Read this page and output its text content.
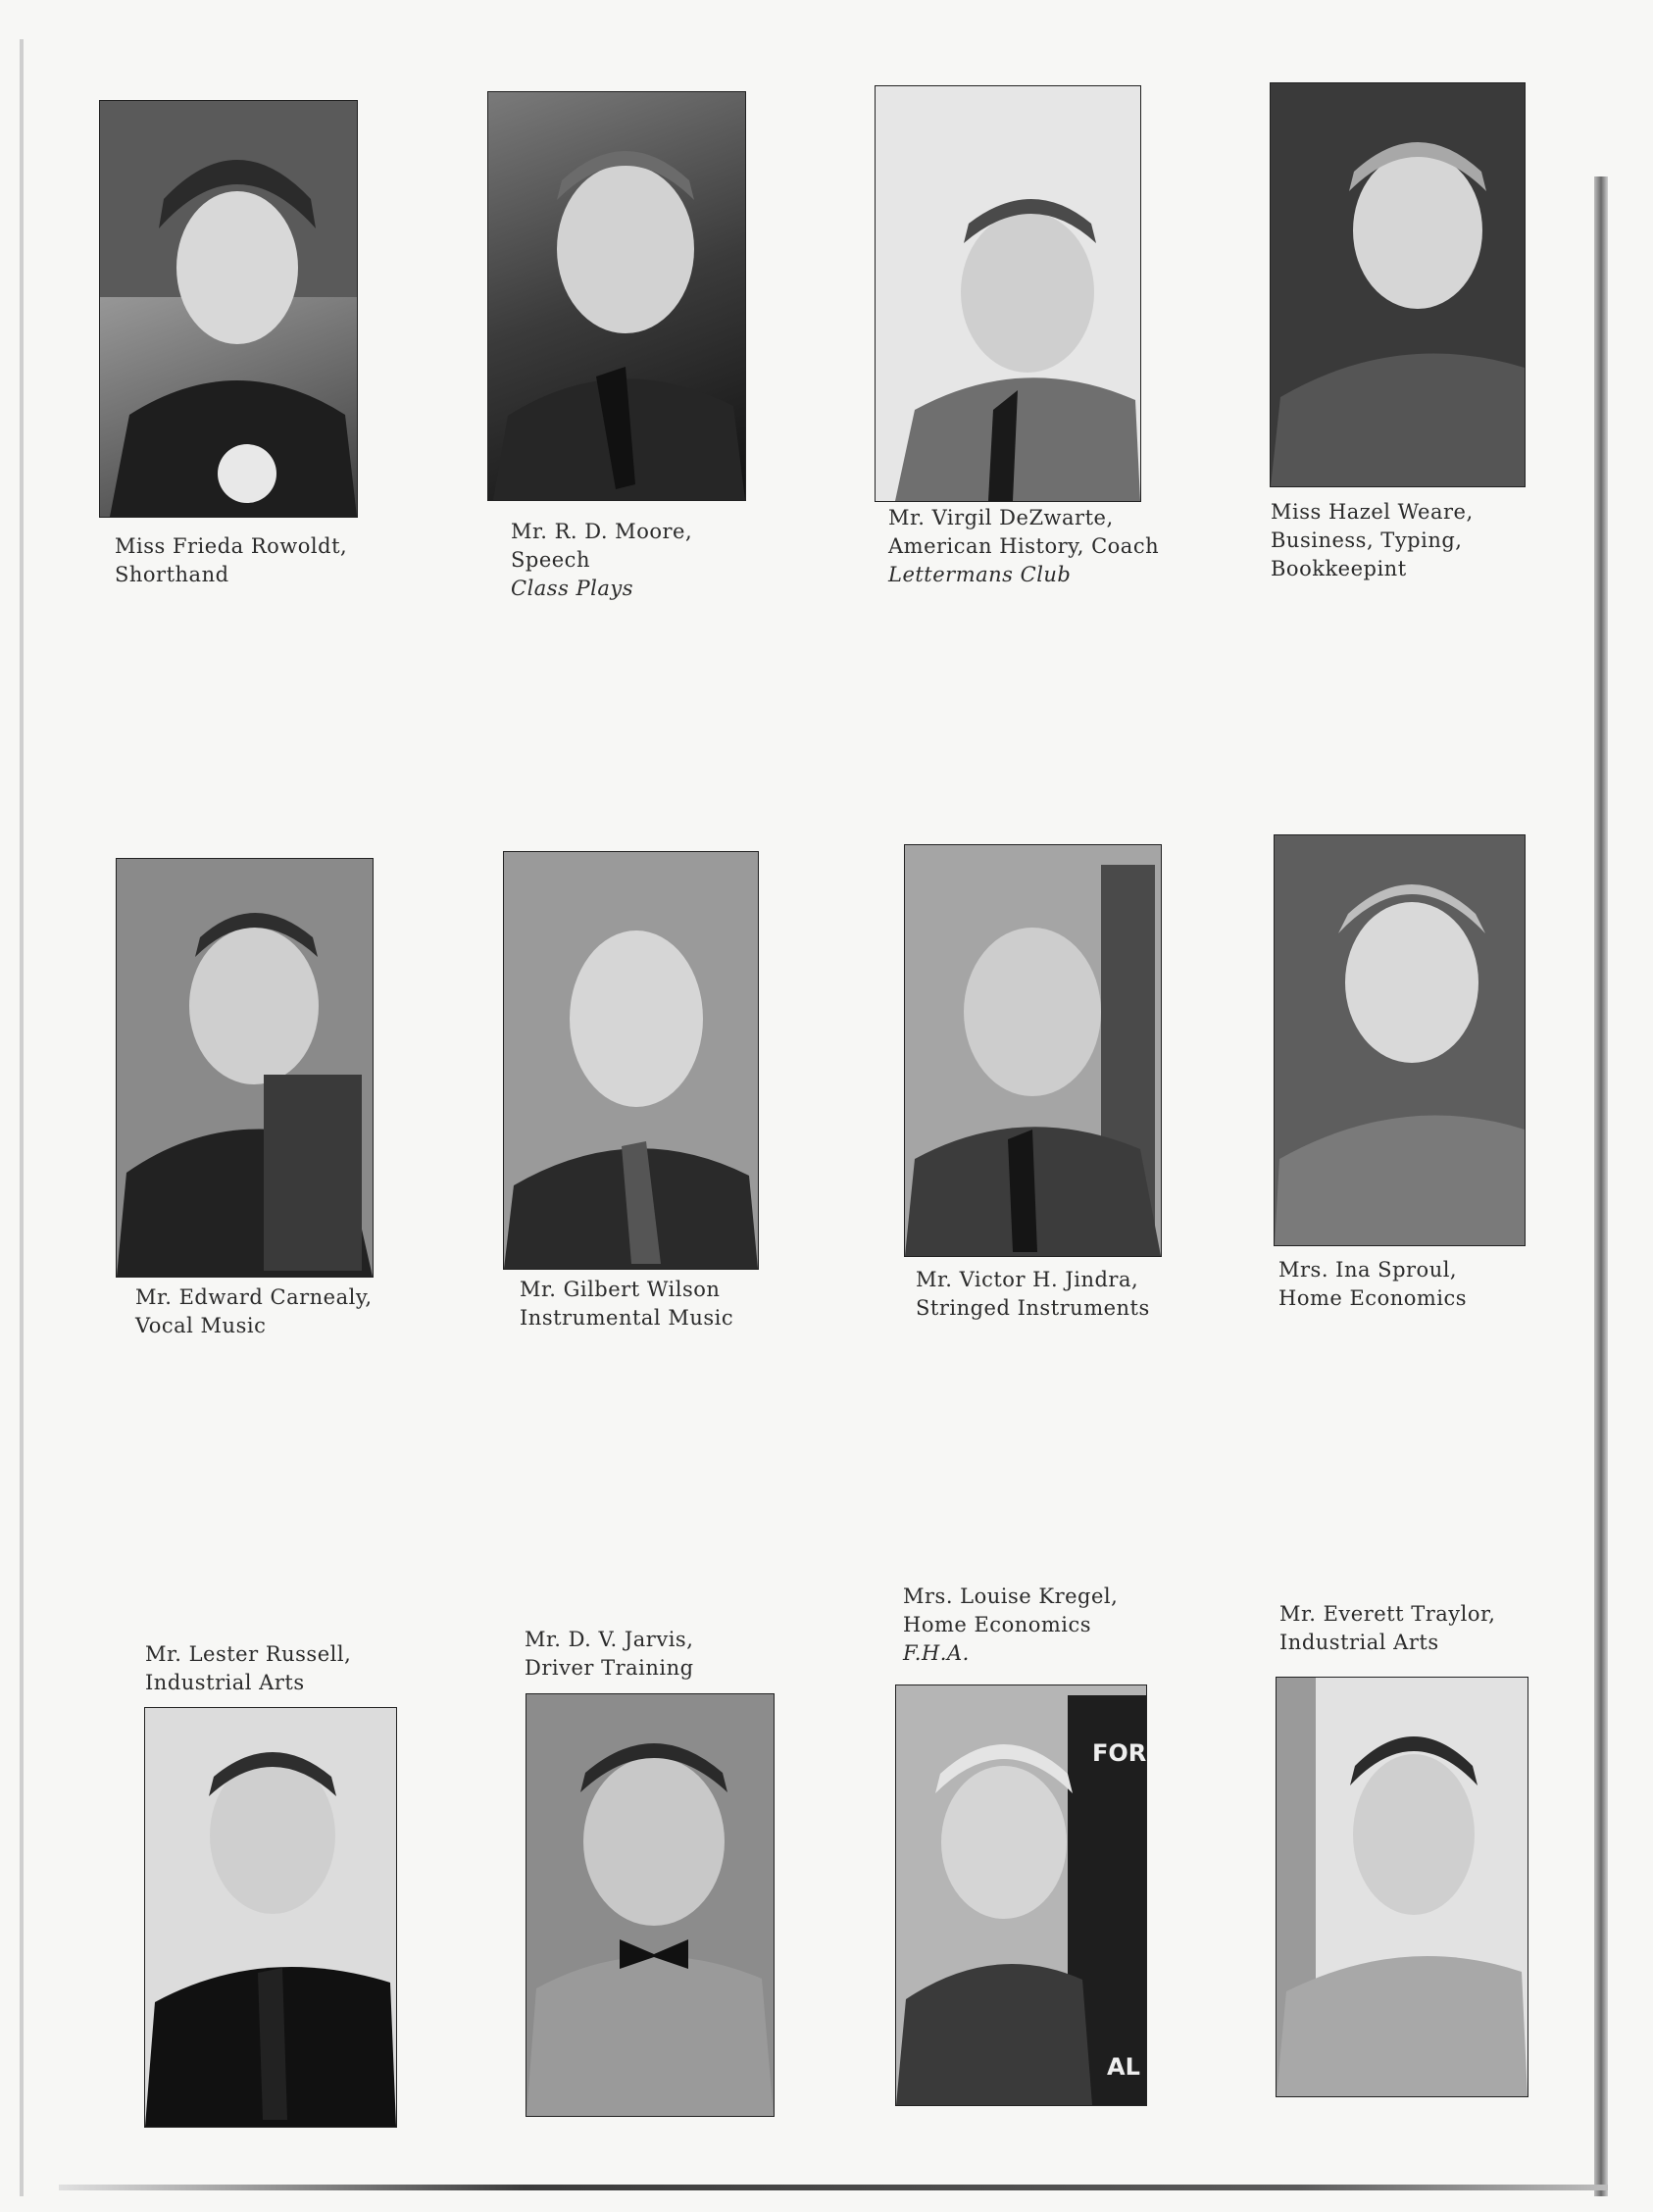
Miss Frieda Rowoldt,
Shorthand
Mr. R. D. Moore,
Speech
Class Plays
Mr. Virgil DeZwarte,
American History, Coach
Lettermans Club
Miss Hazel Weare,
Business, Typing,
Bookkeepint
Mr. Edward Carnealy,
Vocal Music
Mr. Gilbert Wilson
Instrumental Music
Mr. Victor H. Jindra,
Stringed Instruments
Mrs. Ina Sproul,
Home Economics
Mr. Lester Russell,
Industrial Arts
Mr. D. V. Jarvis,
Driver Training
Mrs. Louise Kregel,
Home Economics
F.H.A.
FOR
AL
Mr. Everett Traylor,
Industrial Arts
